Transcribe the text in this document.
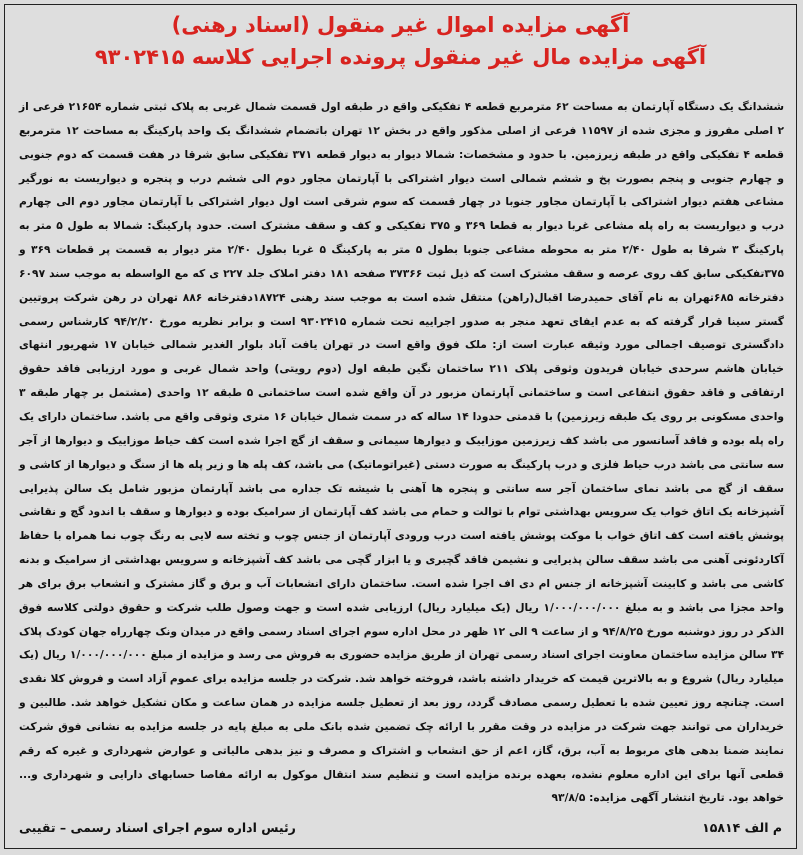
آگهی مزایده اموال غیر منقول (اسناد رهنی)
آگهی مزایده مال غیر منقول پرونده اجرایی کلاسه ۹۳۰۲۴۱۵
ششدانگ یک دستگاه آپارتمان به مساحت ۶۲ مترمربع قطعه ۴ تفکیکی واقع در طبقه اول قسمت شمال غربی به پلاک ثبتی شماره ۲۱۶۵۴ فرعی از ۲ اصلی مفروز و مجزی شده از ۱۱۵۹۷ فرعی از اصلی مذکور واقع در بخش ۱۲ تهران باتضمام ششدانگ یک واحد پارکینگ به مساحت ۱۲ مترمربع قطعه ۴ تفکیکی واقع در طبقه زیرزمین. با حدود و مشخصات: شمالا دیوار به دیوار قطعه ۳۷۱ تفکیکی سابق شرقا در هفت قسمت که دوم جنوبی و چهارم جنوبی و پنجم بصورت پخ و ششم شمالی است دیوار اشتراکی با آپارتمان مجاور دوم الی ششم درب و پنجره و دیواریست به نورگیر مشاعی هفتم دیوار اشتراکی با آپارتمان مجاور جنوبا در چهار قسمت که سوم شرقی است اول دیوار اشتراکی با آپارتمان مجاور دوم الی چهارم درب و دیواریست به راه پله مشاعی غربا دیوار به قطعا ۳۶۹ و ۳۷۵ تفکیکی و کف و سقف مشترک است. حدود پارکینگ: شمالا به طول ۵ متر به پارکینگ ۳ شرقا به طول ۲/۴۰ متر به محوطه مشاعی جنوبا بطول ۵ متر به پارکینگ ۵ غربا بطول ۲/۴۰ متر دیوار به قسمت پر قطعات ۳۶۹ و ۳۷۵تفکیکی سابق کف روی عرصه و سقف مشترک است که ذیل ثبت ۳۷۳۶۶ صفحه ۱۸۱ دفتر املاک جلد ۲۲۷ ی که مع الواسطه به موجب سند ۶۰۹۷ دفترخانه ۶۸۵تهران به نام آقای حمیدرضا اقبال(راهن) منتقل شده است به موجب سند رهنی ۱۸۷۲۴دفترخانه ۸۸۶ تهران در رهن شرکت پروتیین گستر سینا قرار گرفته که به عدم ایفای تعهد منجر به صدور اجراییه تحت شماره ۹۳۰۲۴۱۵ است و برابر نظریه مورخ ۹۴/۲/۲۰ کارشناس رسمی دادگستری توصیف اجمالی مورد وثیقه عبارت است از: ملک فوق واقع است در تهران یافت آباد بلوار الغدیر شمالی خیابان ۱۷ شهریور انتهای خیابان هاشم سرحدی خیابان فریدون وثوقی پلاک ۲۱۱ ساختمان نگین طبقه اول (دوم رویتی) واحد شمال غربی و مورد ارزیابی فاقد حقوق ارتفاقی و فاقد حقوق انتفاعی است و ساختمانی آپارتمان مزبور در آن واقع شده است ساختمانی ۵ طبقه ۱۲ واحدی (مشتمل بر چهار طبقه ۳ واحدی مسکونی بر روی یک طبقه زیرزمین) با قدمتی حدودا ۱۴ ساله که در سمت شمال خیابان ۱۶ متری وثوقی واقع می باشد. ساختمان دارای یک راه پله بوده و فاقد آسانسور می باشد کف زیرزمین موزاییک و دیوارها سیمانی و سقف از گچ اجرا شده است کف حیاط موزاییک و دیوارها از آجر سه سانتی می باشد درب حیاط فلزی و درب پارکینگ به صورت دستی (غیراتوماتیک) می باشد، کف پله ها و زیر پله ها از سنگ و دیوارها از کاشی و سقف از گچ می باشد نمای ساختمان آجر سه سانتی و پنجره ها آهنی با شیشه تک جداره می باشد آپارتمان مزبور شامل یک سالن پذیرایی آشپزخانه یک اتاق خواب یک سرویس بهداشتی توام با توالت و حمام می باشد کف آپارتمان از سرامیک بوده و دیوارها و سقف با اندود گچ و نقاشی پوشش یافته است کف اتاق خواب با موکت پوشش یافته است درب ورودی آپارتمان از جنس چوب و تخته سه لایی به رنگ چوب نما همراه با حفاظ آکاردئونی آهنی می باشد سقف سالن پذیرایی و نشیمن فاقد گچبری و یا ابزار گچی می باشد کف آشپزخانه و سرویس بهداشتی از سرامیک و بدنه کاشی می باشد و کابینت آشپزخانه از جنس ام دی اف اجرا شده است. ساختمان دارای انشعابات آب و برق و گاز مشترک و انشعاب برق برای هر واحد مجزا می باشد و به مبلغ ۱/۰۰۰/۰۰۰/۰۰۰ ریال (یک میلیارد ریال) ارزیابی شده است و جهت وصول طلب شرکت و حقوق دولتی کلاسه فوق الذکر در روز دوشنبه مورخ ۹۴/۸/۲۵ و از ساعت ۹ الی ۱۲ ظهر در محل اداره سوم اجرای اسناد رسمی واقع در میدان ونک چهارراه جهان کودک پلاک ۳۴ سالن مزایده ساختمان معاونت اجرای اسناد رسمی تهران از طریق مزایده حضوری به فروش می رسد و مزایده از مبلغ ۱/۰۰۰/۰۰۰/۰۰۰ ریال (یک میلیارد ریال) شروع و به بالاترین قیمت که خریدار داشته باشد، فروخته خواهد شد. شرکت در جلسه مزایده برای عموم آزاد است و فروش کلا نقدی است. چنانچه روز تعیین شده با تعطیل رسمی مصادف گردد، روز بعد از تعطیل جلسه مزایده در همان ساعت و مکان تشکیل خواهد شد. طالبین و خریداران می توانند جهت شرکت در مزایده در وقت مقرر با ارائه چک تضمین شده بانک ملی به مبلغ پایه در جلسه مزایده به نشانی فوق شرکت نمایند ضمنا بدهی های مربوط به آب، برق، گاز، اعم از حق انشعاب و اشتراک و مصرف و نیز بدهی مالیاتی و عوارض شهرداری و غیره که رقم قطعی آنها برای این اداره معلوم نشده، بعهده برنده مزایده است و تنظیم سند انتقال موکول به ارائه مفاصا حسابهای دارایی و شهرداری و... خواهد بود. تاریخ انتشار آگهی مزایده: ۹۳/۸/۵
م الف ۱۵۸۱۴
رئیس اداره سوم اجرای اسناد رسمی – تقیبی
